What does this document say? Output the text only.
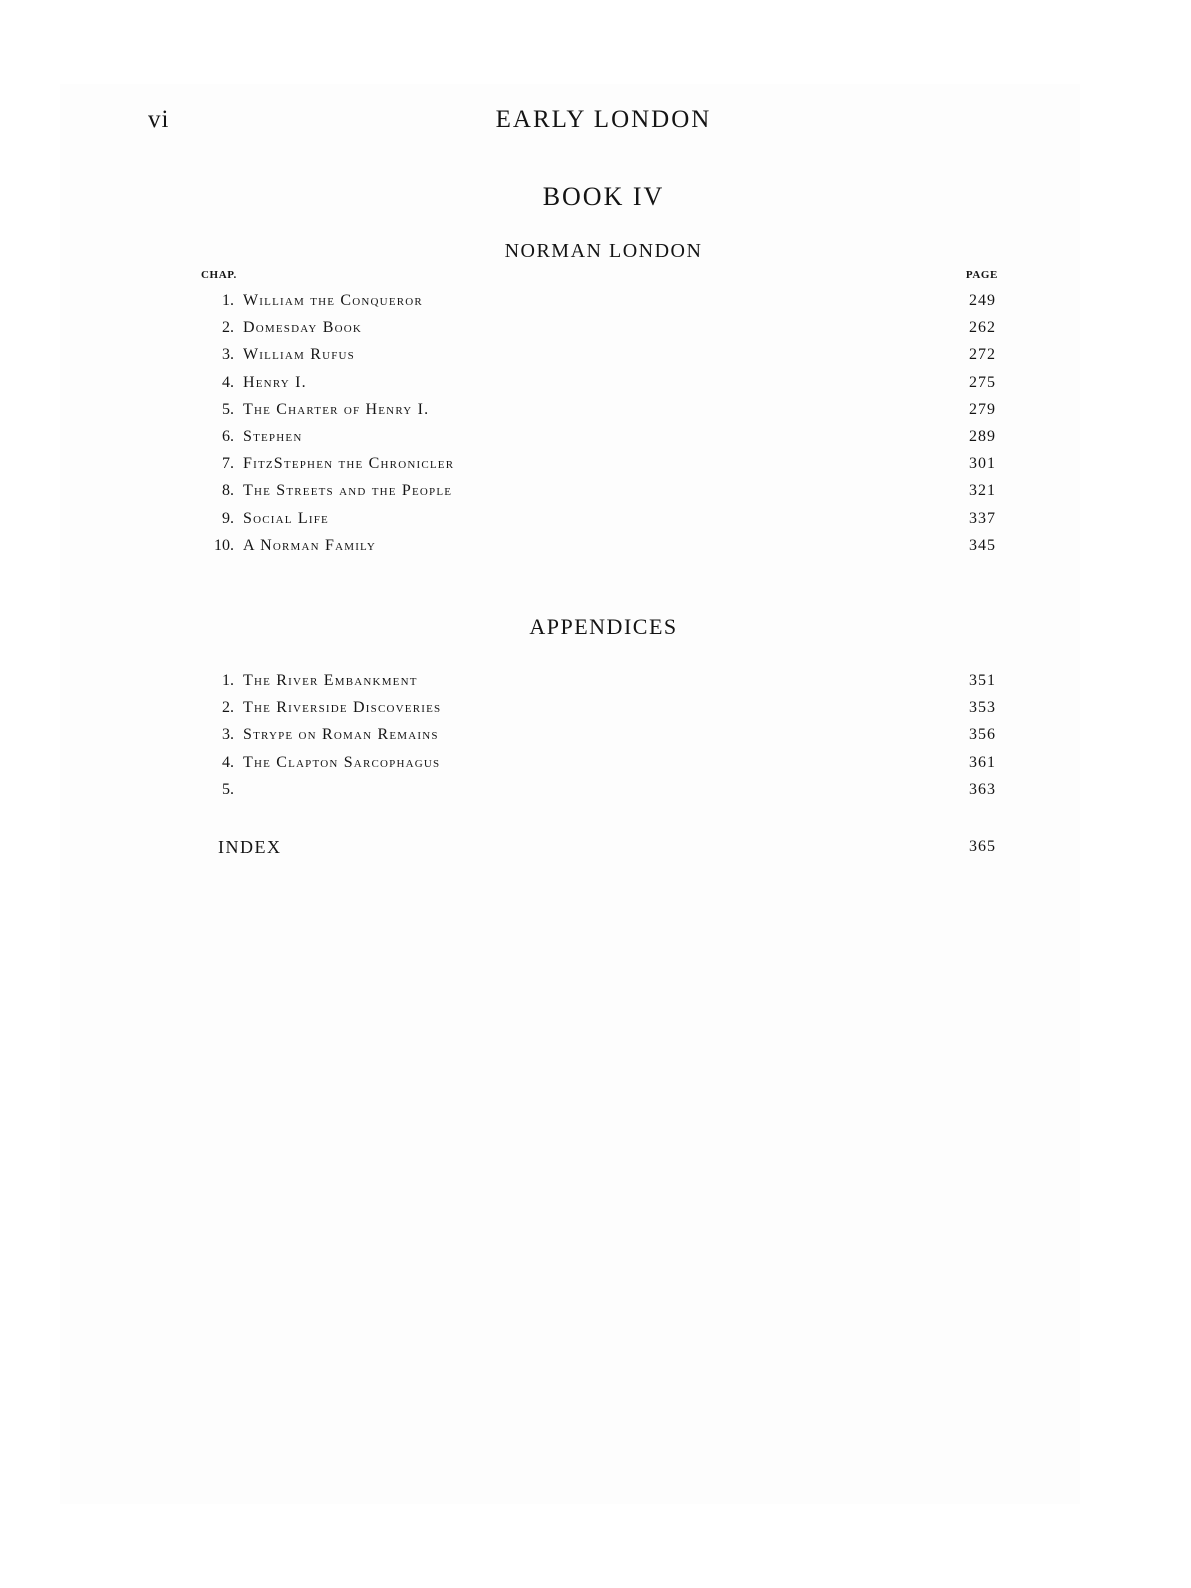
vi	EARLY LONDON
BOOK IV
NORMAN LONDON
CHAP.	PAGE
1. William the Conqueror	249
2. Domesday Book	262
3. William Rufus	272
4. Henry I.	275
5. The Charter of Henry I.	279
6. Stephen	289
7. FitzStephen the Chronicler	301
8. The Streets and the People	321
9. Social Life	337
10. A Norman Family	345
APPENDICES
1. The River Embankment	351
2. The Riverside Discoveries	353
3. Strype on Roman Remains	356
4. The Clapton Sarcophagus	361
5.	363
INDEX	365
